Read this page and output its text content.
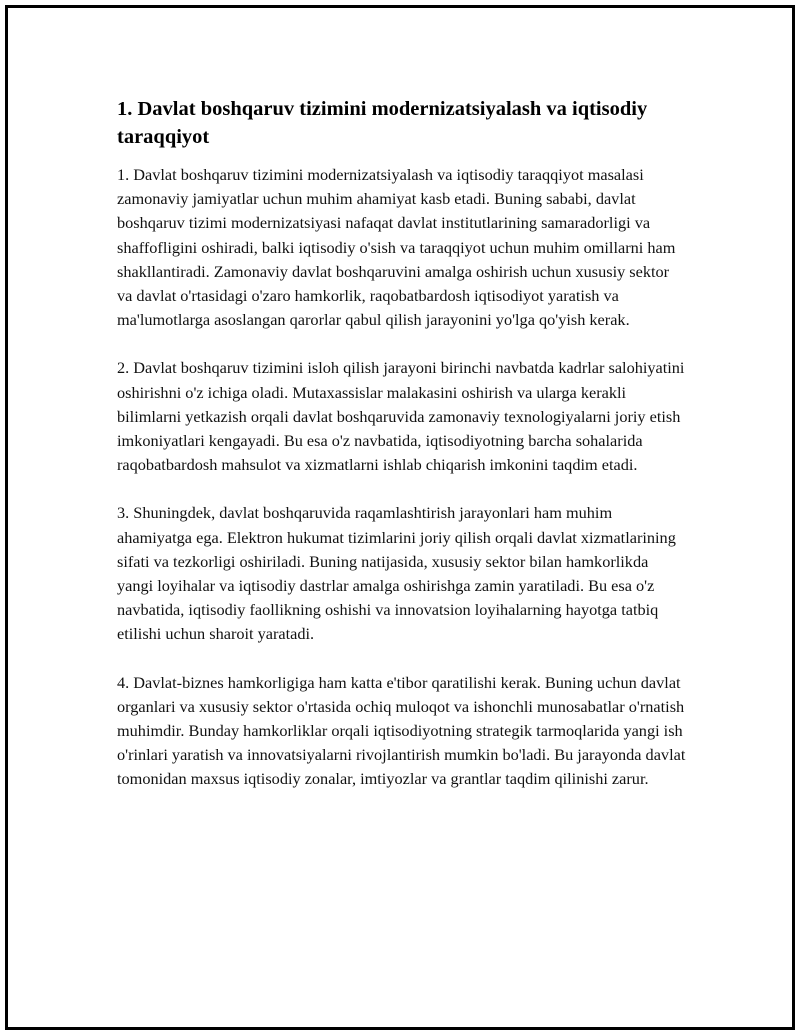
1. Davlat boshqaruv tizimini modernizatsiyalash va iqtisodiy taraqqiyot

1. Davlat boshqaruv tizimini modernizatsiyalash va iqtisodiy taraqqiyot masalasi zamonaviy jamiyatlar uchun muhim ahamiyat kasb etadi. Buning sababi, davlat boshqaruv tizimi modernizatsiyasi nafaqat davlat institutlarining samaradorligi va shaffofligini oshiradi, balki iqtisodiy o'sish va taraqqiyot uchun muhim omillarni ham shakllantiradi. Zamonaviy davlat boshqaruvini amalga oshirish uchun xususiy sektor va davlat o'rtasidagi o'zaro hamkorlik, raqobatbardosh iqtisodiyot yaratish va ma'lumotlarga asoslangan qarorlar qabul qilish jarayonini yo'lga qo'yish kerak.

2. Davlat boshqaruv tizimini isloh qilish jarayoni birinchi navbatda kadrlar salohiyatini oshirishni o'z ichiga oladi. Mutaxassislar malakasini oshirish va ularga kerakli bilimlarni yetkazish orqali davlat boshqaruvida zamonaviy texnologiyalarni joriy etish imkoniyatlari kengayadi. Bu esa o'z navbatida, iqtisodiyotning barcha sohalarida raqobatbardosh mahsulot va xizmatlarni ishlab chiqarish imkonini taqdim etadi.

3. Shuningdek, davlat boshqaruvida raqamlashtirish jarayonlari ham muhim ahamiyatga ega. Elektron hukumat tizimlarini joriy qilish orqali davlat xizmatlarining sifati va tezkorligi oshiriladi. Buning natijasida, xususiy sektor bilan hamkorlikda yangi loyihalar va iqtisodiy dastrlar amalga oshirishga zamin yaratiladi. Bu esa o'z navbatida, iqtisodiy faollikning oshishi va innovatsion loyihalarning hayotga tatbiq etilishi uchun sharoit yaratadi.

4. Davlat-biznes hamkorligiga ham katta e'tibor qaratilishi kerak. Buning uchun davlat organlari va xususiy sektor o'rtasida ochiq muloqot va ishonchli munosabatlar o'rnatish muhimdir. Bunday hamkorliklar orqali iqtisodiyotning strategik tarmoqlarida yangi ish o'rinlari yaratish va innovatsiyalarni rivojlantirish mumkin bo'ladi. Bu jarayonda davlat tomonidan maxsus iqtisodiy zonalar, imtiyozlar va grantlar taqdim qilinishi zarur.
